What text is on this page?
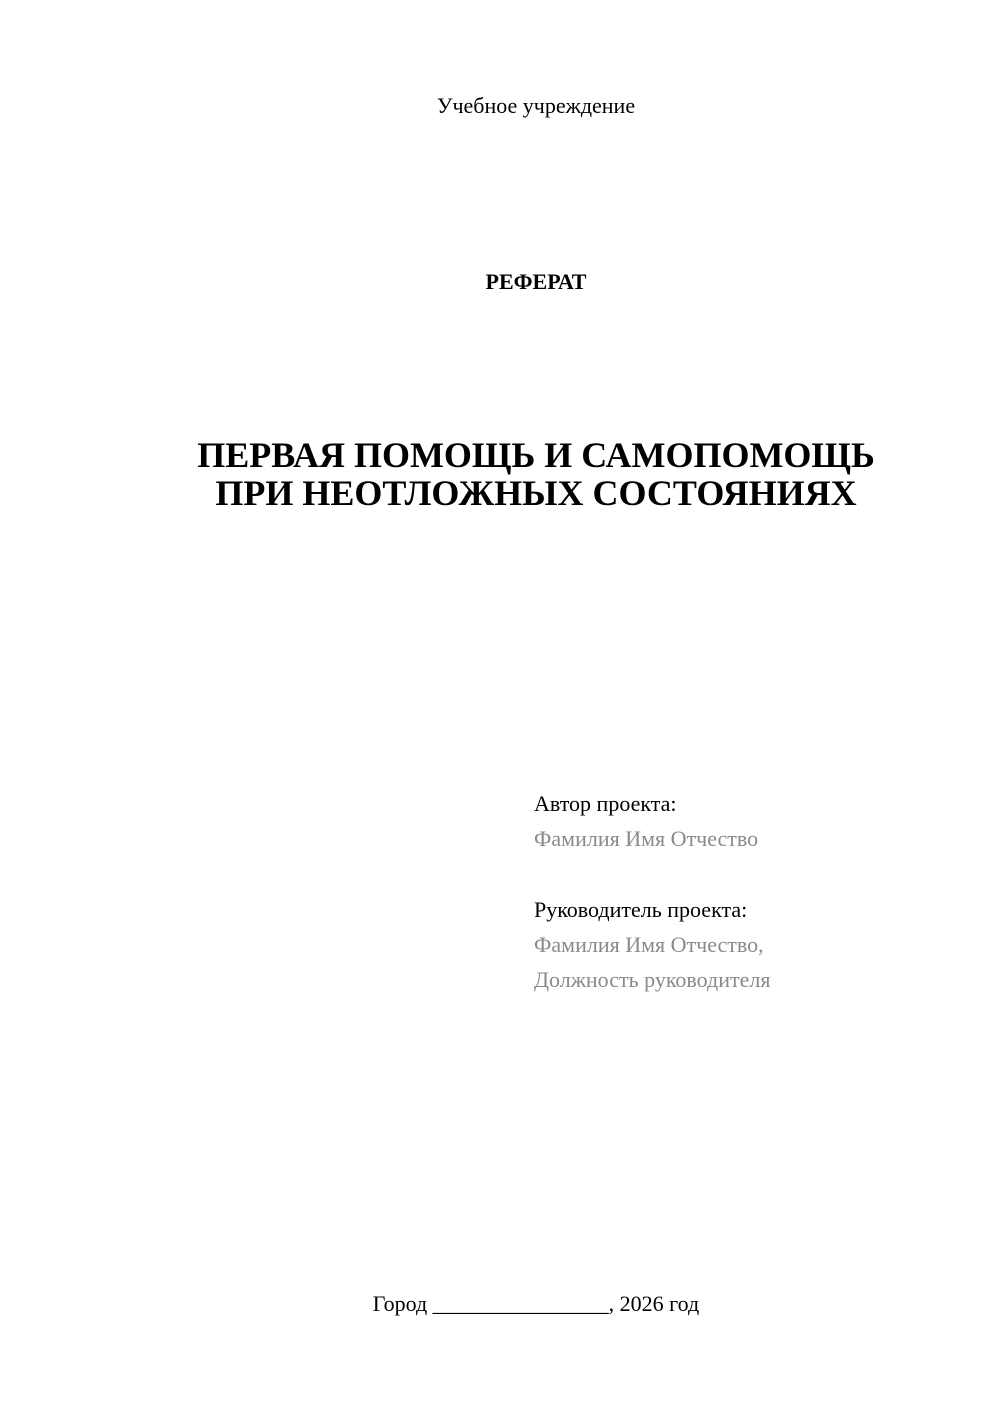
Учебное учреждение
РЕФЕРАТ
ПЕРВАЯ ПОМОЩЬ И САМОПОМОЩЬ
ПРИ НЕОТЛОЖНЫХ СОСТОЯНИЯХ
Автор проекта:
Фамилия Имя Отчество
Руководитель проекта:
Фамилия Имя Отчество,
Должность руководителя
Город ________________, 2026 год
